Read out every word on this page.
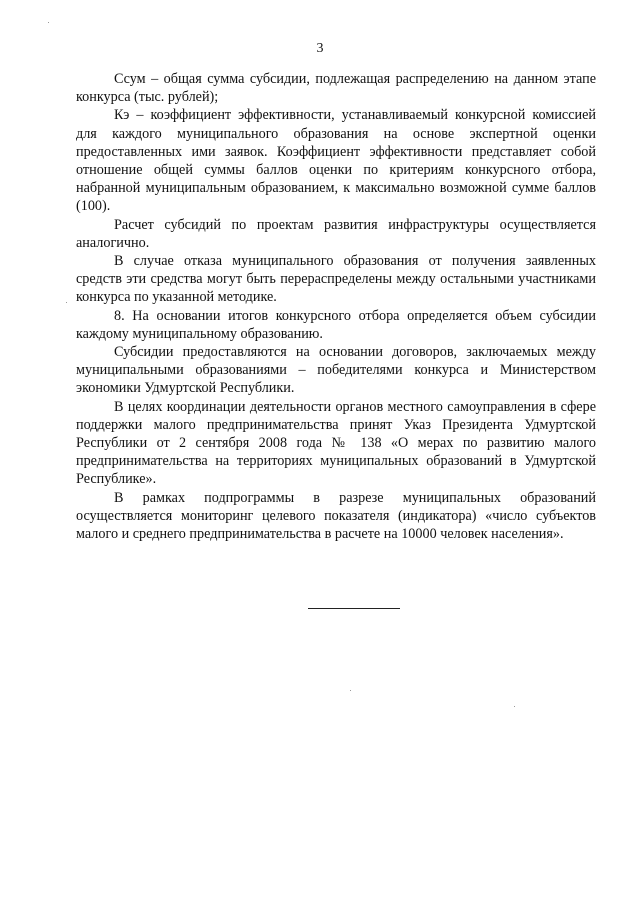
3

Ссум – общая сумма субсидии, подлежащая распределению на данном этапе конкурса (тыс. рублей);

Кэ – коэффициент эффективности, устанавливаемый конкурсной комиссией для каждого муниципального образования на основе экспертной оценки предоставленных ими заявок. Коэффициент эффективности представляет собой отношение общей суммы баллов оценки по критериям конкурсного отбора, набранной муниципальным образованием, к максимально возможной сумме баллов (100).

Расчет субсидий по проектам развития инфраструктуры осуществляется аналогично.

В случае отказа муниципального образования от получения заявленных средств эти средства могут быть перераспределены между остальными участниками конкурса по указанной методике.

8. На основании итогов конкурсного отбора определяется объем субсидии каждому муниципальному образованию.

Субсидии предоставляются на основании договоров, заключаемых между муниципальными образованиями – победителями конкурса и Министерством экономики Удмуртской Республики.

В целях координации деятельности органов местного самоуправления в сфере поддержки малого предпринимательства принят Указ Президента Удмуртской Республики от 2 сентября 2008 года № 138 «О мерах по развитию малого предпринимательства на территориях муниципальных образований в Удмуртской Республике».

В рамках подпрограммы в разрезе муниципальных образований осуществляется мониторинг целевого показателя (индикатора) «число субъектов малого и среднего предпринимательства в расчете на 10000 человек населения».
